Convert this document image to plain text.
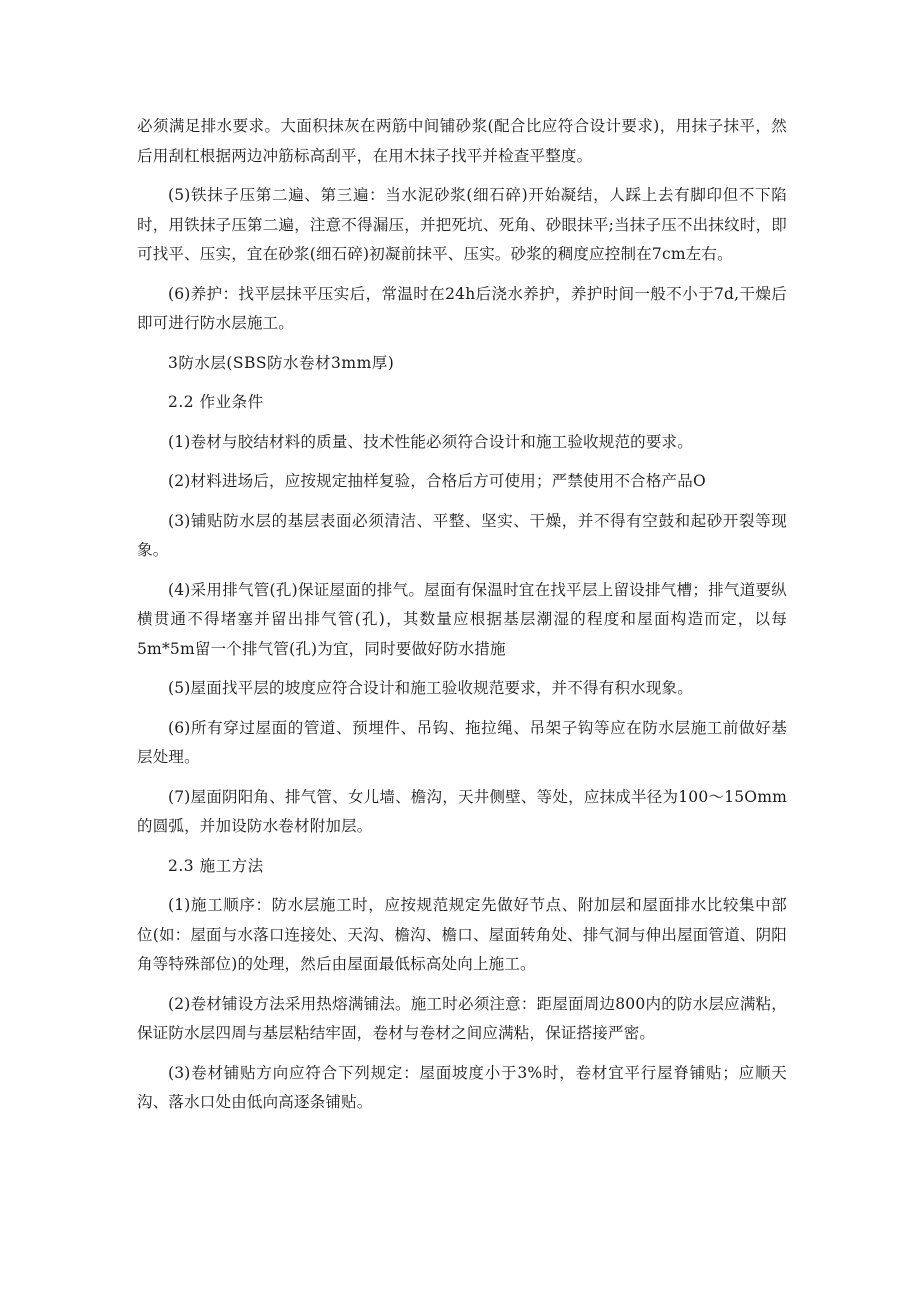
必须满足排水要求。大面积抹灰在两筋中间铺砂浆(配合比应符合设计要求)，用抹子抹平，然后用刮杠根据两边冲筋标高刮平，在用木抹子找平并检查平整度。

(5)铁抹子压第二遍、第三遍：当水泥砂浆(细石碎)开始凝结，人踩上去有脚印但不下陷时，用铁抹子压第二遍，注意不得漏压，并把死坑、死角、砂眼抹平;当抹子压不出抹纹时，即可找平、压实，宜在砂浆(细石碎)初凝前抹平、压实。砂浆的稠度应控制在7cm左右。

(6)养护：找平层抹平压实后，常温时在24h后浇水养护，养护时间一般不小于7d,干燥后即可进行防水层施工。

3防水层(SBS防水卷材3mm厚)

2.2 作业条件

(1)卷材与胶结材料的质量、技术性能必须符合设计和施工验收规范的要求。

(2)材料进场后，应按规定抽样复验，合格后方可使用；严禁使用不合格产品O

(3)铺贴防水层的基层表面必须清洁、平整、坚实、干燥，并不得有空鼓和起砂开裂等现象。

(4)采用排气管(孔)保证屋面的排气。屋面有保温时宜在找平层上留设排气槽；排气道要纵横贯通不得堵塞并留出排气管(孔)，其数量应根据基层潮湿的程度和屋面构造而定，以每5m*5m留一个排气管(孔)为宜，同时要做好防水措施

(5)屋面找平层的坡度应符合设计和施工验收规范要求，并不得有积水现象。

(6)所有穿过屋面的管道、预埋件、吊钩、拖拉绳、吊架子钩等应在防水层施工前做好基层处理。

(7)屋面阴阳角、排气管、女儿墙、檐沟，天井侧壁、等处，应抹成半径为100～15Omm的圆弧，并加设防水卷材附加层。

2.3 施工方法

(1)施工顺序：防水层施工时，应按规范规定先做好节点、附加层和屋面排水比较集中部位(如：屋面与水落口连接处、天沟、檐沟、檐口、屋面转角处、排气洞与伸出屋面管道、阴阳角等特殊部位)的处理，然后由屋面最低标高处向上施工。

(2)卷材铺设方法采用热熔满铺法。施工时必须注意：距屋面周边800内的防水层应满粘，保证防水层四周与基层粘结牢固，卷材与卷材之间应满粘，保证搭接严密。

(3)卷材铺贴方向应符合下列规定：屋面坡度小于3%时，卷材宜平行屋脊铺贴；应顺天沟、落水口处由低向高逐条铺贴。
